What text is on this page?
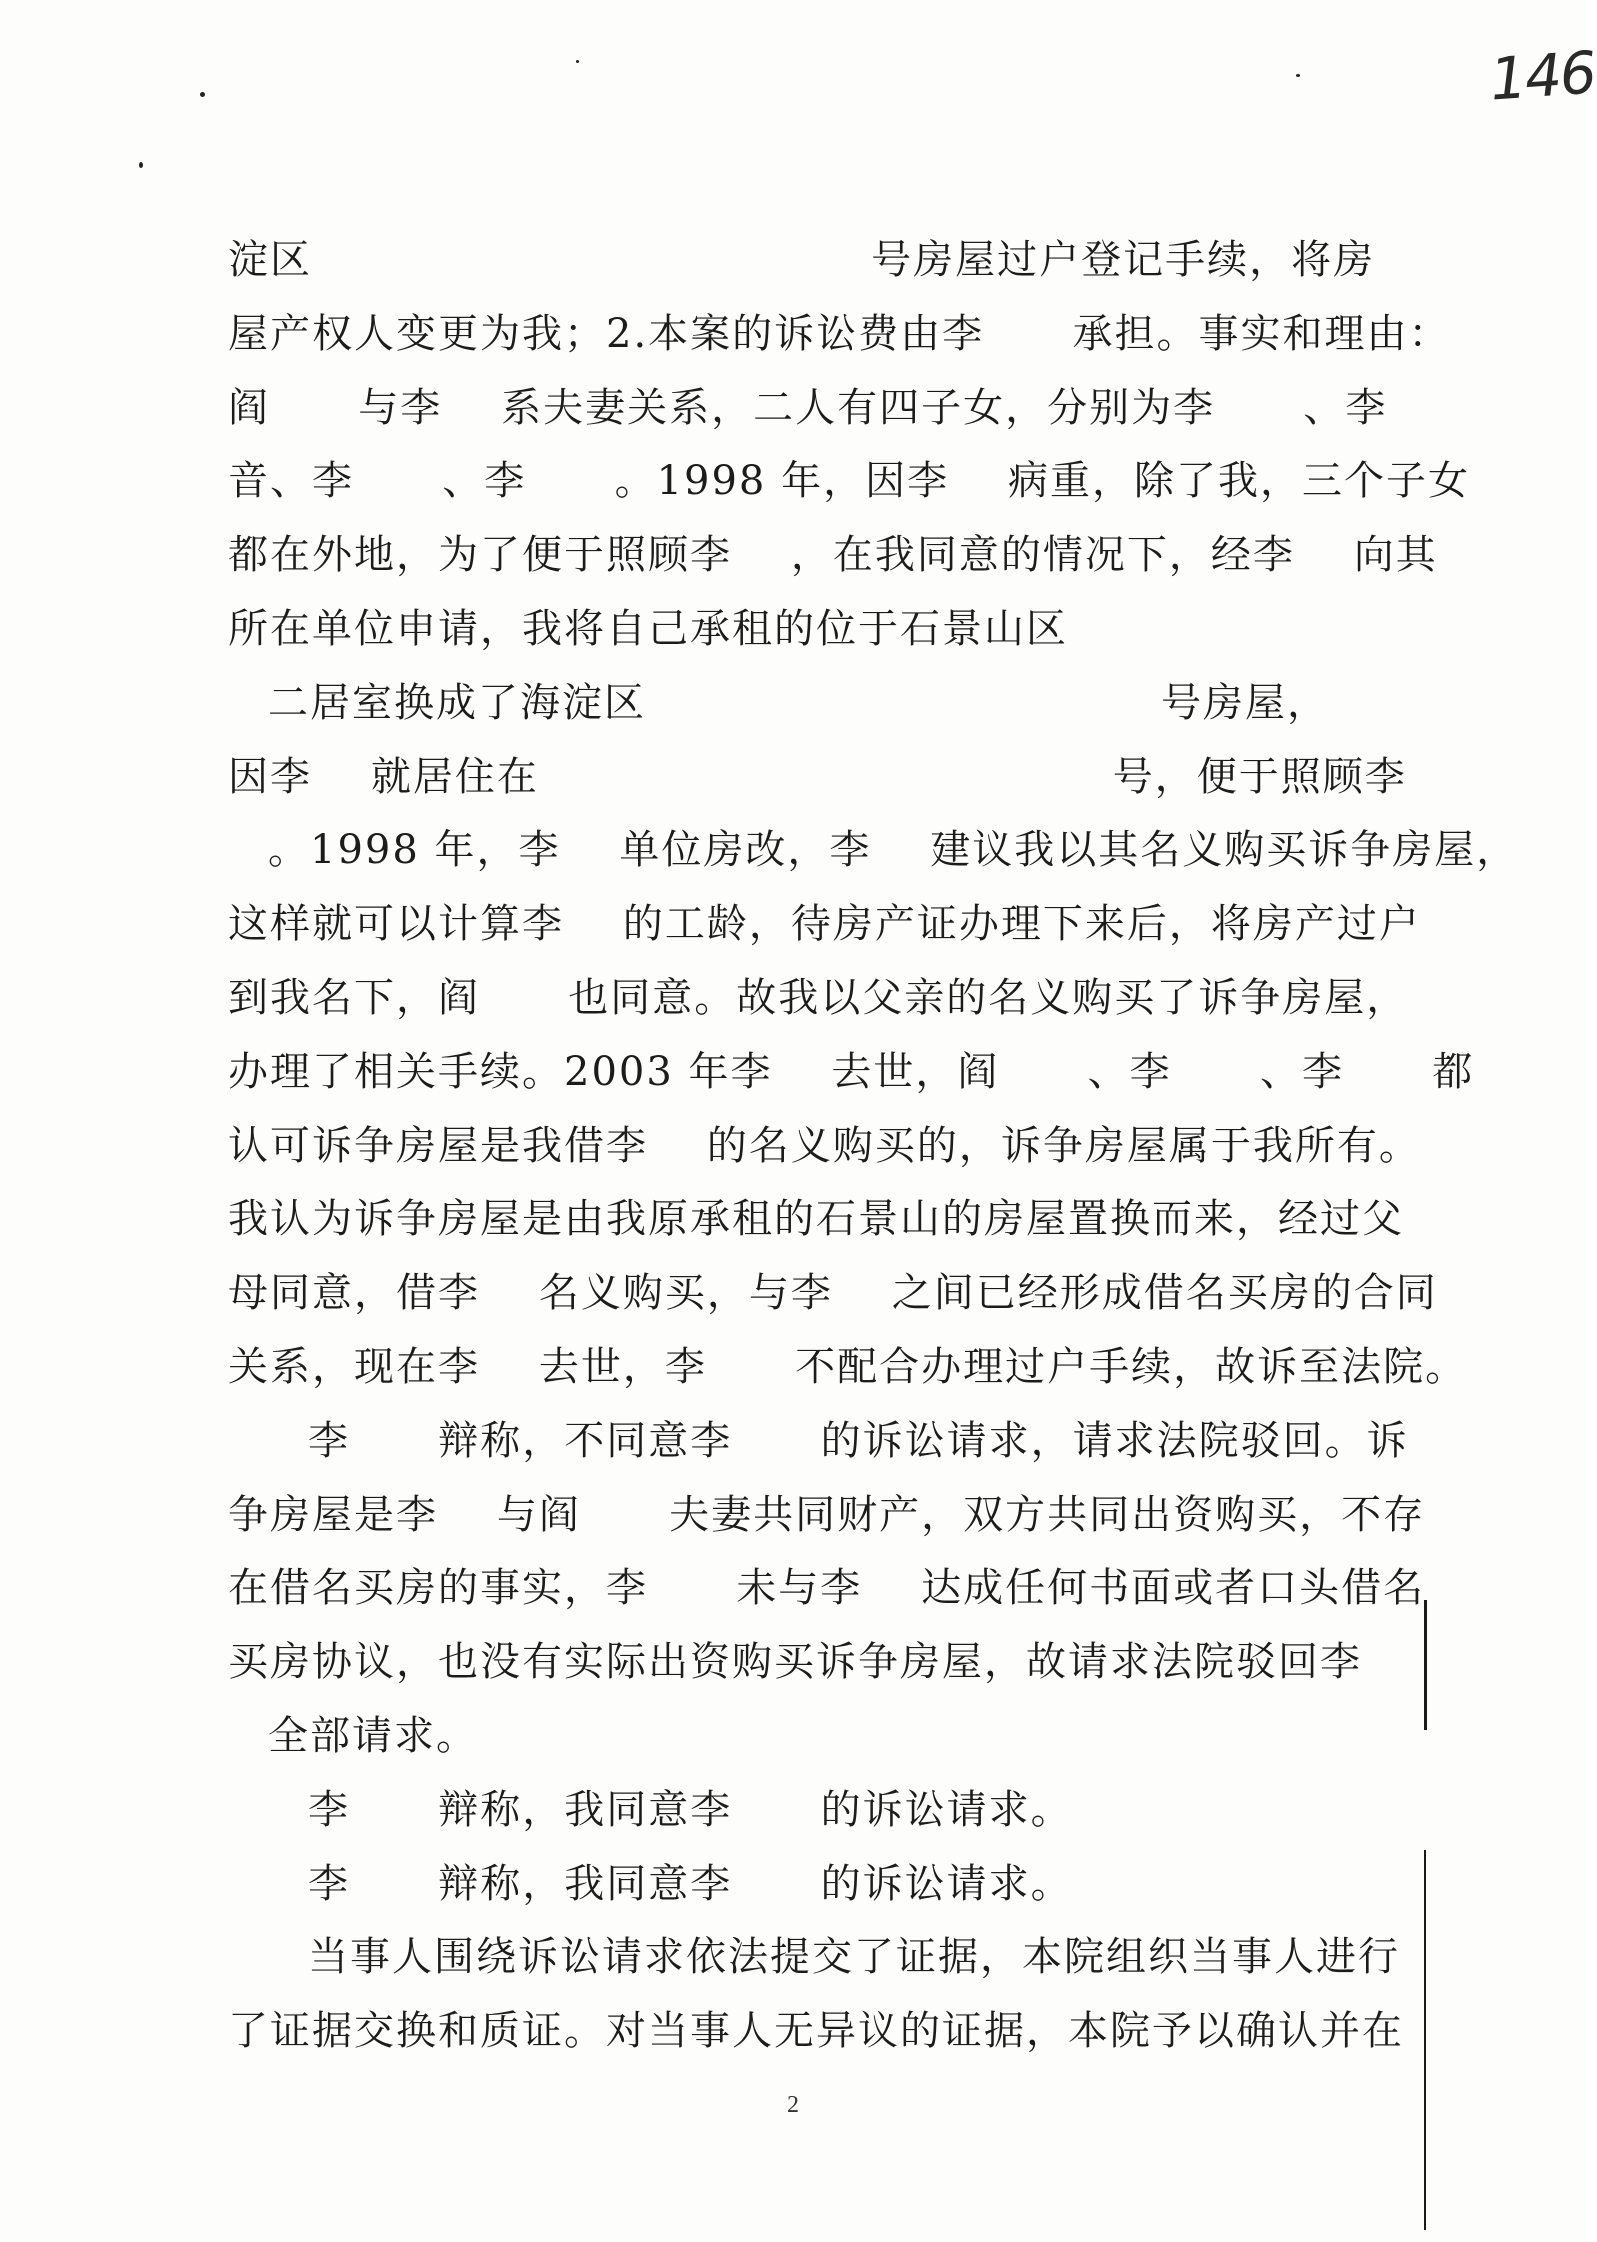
146
淀区                                      号房屋过户登记手续，将房
屋产权人变更为我；2.本案的诉讼费由李      承担。事实和理由：
阎      与李    系夫妻关系，二人有四子女，分别为李      、李
音、李      、李      。1998 年，因李    病重，除了我，三个子女
都在外地，为了便于照顾李    ，在我同意的情况下，经李    向其
所在单位申请，我将自己承租的位于石景山区
二居室换成了海淀区                                   号房屋，
因李    就居住在                                       号，便于照顾李
。1998 年，李    单位房改，李    建议我以其名义购买诉争房屋，
这样就可以计算李    的工龄，待房产证办理下来后，将房产过户
到我名下，阎      也同意。故我以父亲的名义购买了诉争房屋，
办理了相关手续。2003 年李    去世，阎      、李      、李      都
认可诉争房屋是我借李    的名义购买的，诉争房屋属于我所有。
我认为诉争房屋是由我原承租的石景山的房屋置换而来，经过父
母同意，借李    名义购买，与李    之间已经形成借名买房的合同
关系，现在李    去世，李      不配合办理过户手续，故诉至法院。
李      辩称，不同意李      的诉讼请求，请求法院驳回。诉
争房屋是李    与阎      夫妻共同财产，双方共同出资购买，不存
在借名买房的事实，李      未与李    达成任何书面或者口头借名
买房协议，也没有实际出资购买诉争房屋，故请求法院驳回李
全部请求。
李      辩称，我同意李      的诉讼请求。
李      辩称，我同意李      的诉讼请求。
当事人围绕诉讼请求依法提交了证据，本院组织当事人进行
了证据交换和质证。对当事人无异议的证据，本院予以确认并在
2
